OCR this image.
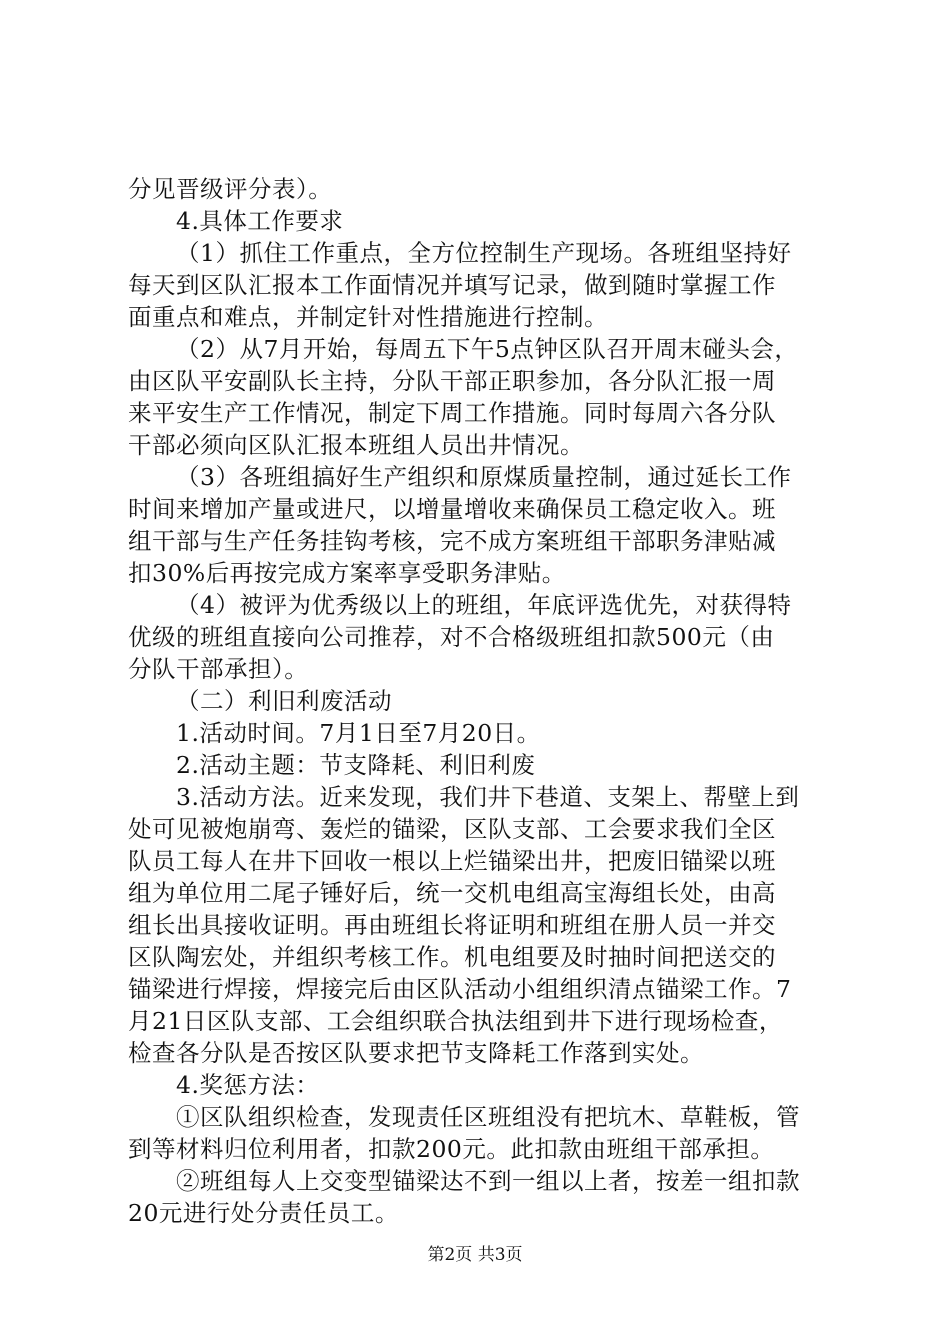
分见晋级评分表）。
4.具体工作要求
（1）抓住工作重点，全方位控制生产现场。各班组坚持好
每天到区队汇报本工作面情况并填写记录，做到随时掌握工作
面重点和难点，并制定针对性措施进行控制。
（2）从7月开始，每周五下午5点钟区队召开周末碰头会，
由区队平安副队长主持，分队干部正职参加，各分队汇报一周
来平安生产工作情况，制定下周工作措施。同时每周六各分队
干部必须向区队汇报本班组人员出井情况。
（3）各班组搞好生产组织和原煤质量控制，通过延长工作
时间来增加产量或进尺，以增量增收来确保员工稳定收入。班
组干部与生产任务挂钩考核，完不成方案班组干部职务津贴减
扣30%后再按完成方案率享受职务津贴。
（4）被评为优秀级以上的班组，年底评选优先，对获得特
优级的班组直接向公司推荐，对不合格级班组扣款500元（由
分队干部承担）。
（二）利旧利废活动
1.活动时间。7月1日至7月20日。
2.活动主题：节支降耗、利旧利废
3.活动方法。近来发现，我们井下巷道、支架上、帮壁上到
处可见被炮崩弯、轰烂的锚梁，区队支部、工会要求我们全区
队员工每人在井下回收一根以上烂锚梁出井，把废旧锚梁以班
组为单位用二尾子锤好后，统一交机电组高宝海组长处，由高
组长出具接收证明。再由班组长将证明和班组在册人员一并交
区队陶宏处，并组织考核工作。机电组要及时抽时间把送交的
锚梁进行焊接，焊接完后由区队活动小组组织清点锚梁工作。7
月21日区队支部、工会组织联合执法组到井下进行现场检查，
检查各分队是否按区队要求把节支降耗工作落到实处。
4.奖惩方法：
①区队组织检查，发现责任区班组没有把坑木、草鞋板，管
到等材料归位利用者，扣款200元。此扣款由班组干部承担。
②班组每人上交变型锚梁达不到一组以上者，按差一组扣款
20元进行处分责任员工。
第2页 共3页
